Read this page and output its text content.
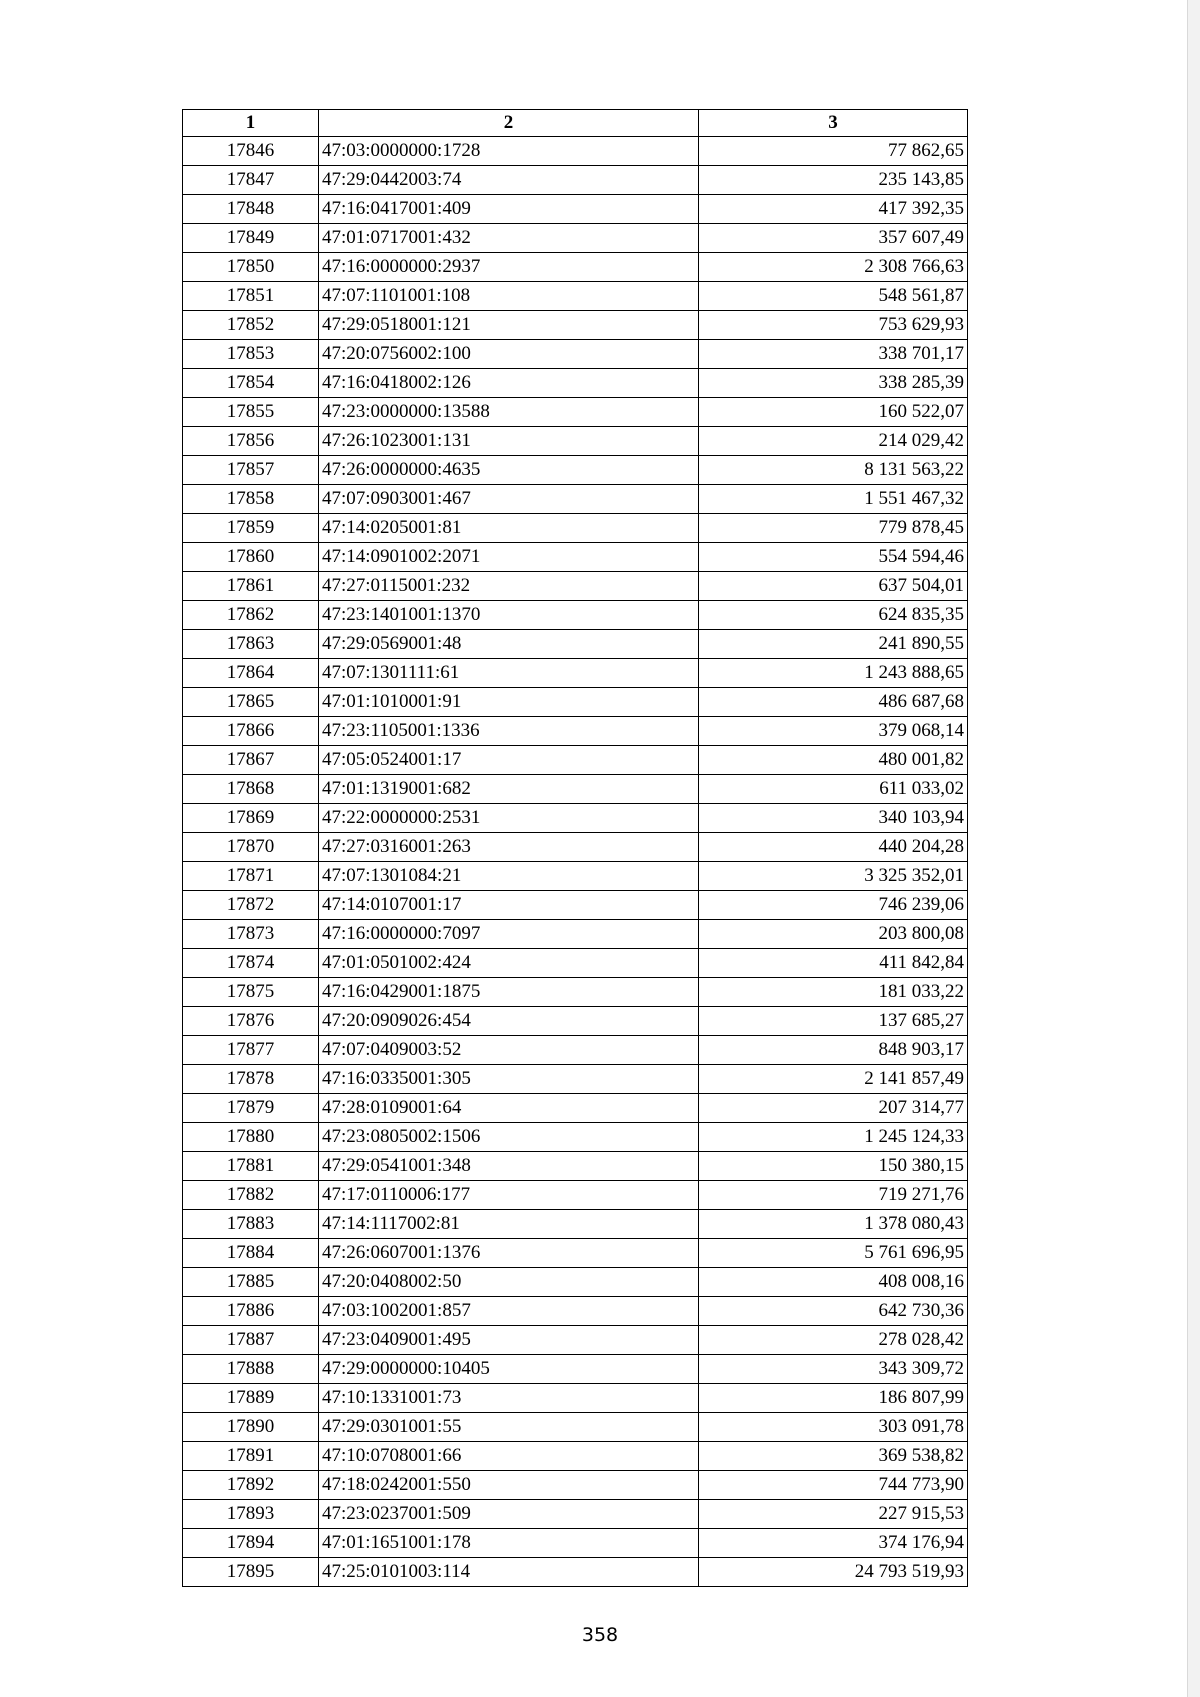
1	2	3
17846	47:03:0000000:1728	77 862,65
17847	47:29:0442003:74	235 143,85
17848	47:16:0417001:409	417 392,35
17849	47:01:0717001:432	357 607,49
17850	47:16:0000000:2937	2 308 766,63
17851	47:07:1101001:108	548 561,87
17852	47:29:0518001:121	753 629,93
17853	47:20:0756002:100	338 701,17
17854	47:16:0418002:126	338 285,39
17855	47:23:0000000:13588	160 522,07
17856	47:26:1023001:131	214 029,42
17857	47:26:0000000:4635	8 131 563,22
17858	47:07:0903001:467	1 551 467,32
17859	47:14:0205001:81	779 878,45
17860	47:14:0901002:2071	554 594,46
17861	47:27:0115001:232	637 504,01
17862	47:23:1401001:1370	624 835,35
17863	47:29:0569001:48	241 890,55
17864	47:07:1301111:61	1 243 888,65
17865	47:01:1010001:91	486 687,68
17866	47:23:1105001:1336	379 068,14
17867	47:05:0524001:17	480 001,82
17868	47:01:1319001:682	611 033,02
17869	47:22:0000000:2531	340 103,94
17870	47:27:0316001:263	440 204,28
17871	47:07:1301084:21	3 325 352,01
17872	47:14:0107001:17	746 239,06
17873	47:16:0000000:7097	203 800,08
17874	47:01:0501002:424	411 842,84
17875	47:16:0429001:1875	181 033,22
17876	47:20:0909026:454	137 685,27
17877	47:07:0409003:52	848 903,17
17878	47:16:0335001:305	2 141 857,49
17879	47:28:0109001:64	207 314,77
17880	47:23:0805002:1506	1 245 124,33
17881	47:29:0541001:348	150 380,15
17882	47:17:0110006:177	719 271,76
17883	47:14:1117002:81	1 378 080,43
17884	47:26:0607001:1376	5 761 696,95
17885	47:20:0408002:50	408 008,16
17886	47:03:1002001:857	642 730,36
17887	47:23:0409001:495	278 028,42
17888	47:29:0000000:10405	343 309,72
17889	47:10:1331001:73	186 807,99
17890	47:29:0301001:55	303 091,78
17891	47:10:0708001:66	369 538,82
17892	47:18:0242001:550	744 773,90
17893	47:23:0237001:509	227 915,53
17894	47:01:1651001:178	374 176,94
17895	47:25:0101003:114	24 793 519,93
358
